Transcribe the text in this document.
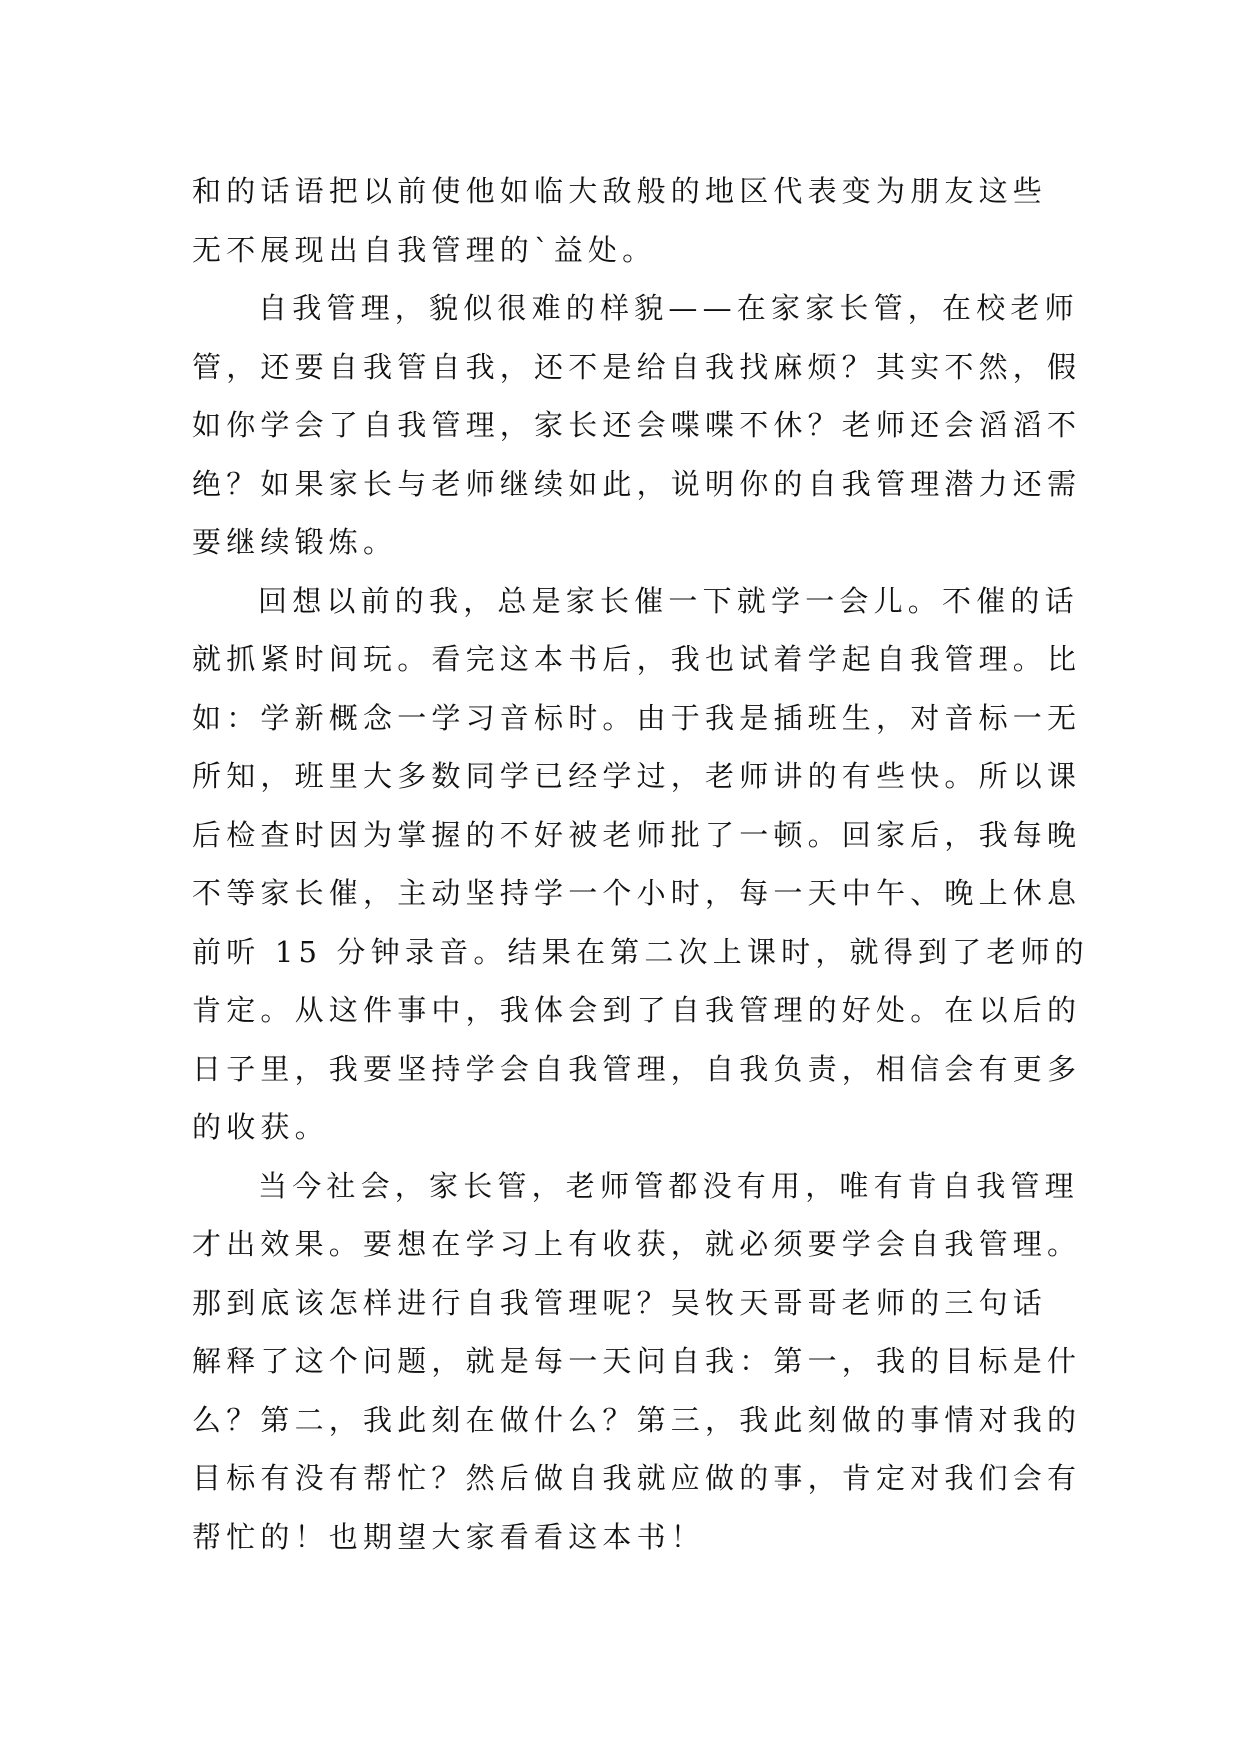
和的话语把以前使他如临大敌般的地区代表变为朋友这些
无不展现出自我管理的`益处。
自我管理，貌似很难的样貌——在家家长管，在校老师
管，还要自我管自我，还不是给自我找麻烦？其实不然，假
如你学会了自我管理，家长还会喋喋不休？老师还会滔滔不
绝？如果家长与老师继续如此，说明你的自我管理潜力还需
要继续锻炼。
回想以前的我，总是家长催一下就学一会儿。不催的话
就抓紧时间玩。看完这本书后，我也试着学起自我管理。比
如：学新概念一学习音标时。由于我是插班生，对音标一无
所知，班里大多数同学已经学过，老师讲的有些快。所以课
后检查时因为掌握的不好被老师批了一顿。回家后，我每晚
不等家长催，主动坚持学一个小时，每一天中午、晚上休息
前听 15 分钟录音。结果在第二次上课时，就得到了老师的
肯定。从这件事中，我体会到了自我管理的好处。在以后的
日子里，我要坚持学会自我管理，自我负责，相信会有更多
的收获。
当今社会，家长管，老师管都没有用，唯有肯自我管理
才出效果。要想在学习上有收获，就必须要学会自我管理。
那到底该怎样进行自我管理呢？吴牧天哥哥老师的三句话
解释了这个问题，就是每一天问自我：第一，我的目标是什
么？第二，我此刻在做什么？第三，我此刻做的事情对我的
目标有没有帮忙？然后做自我就应做的事，肯定对我们会有
帮忙的！也期望大家看看这本书！
